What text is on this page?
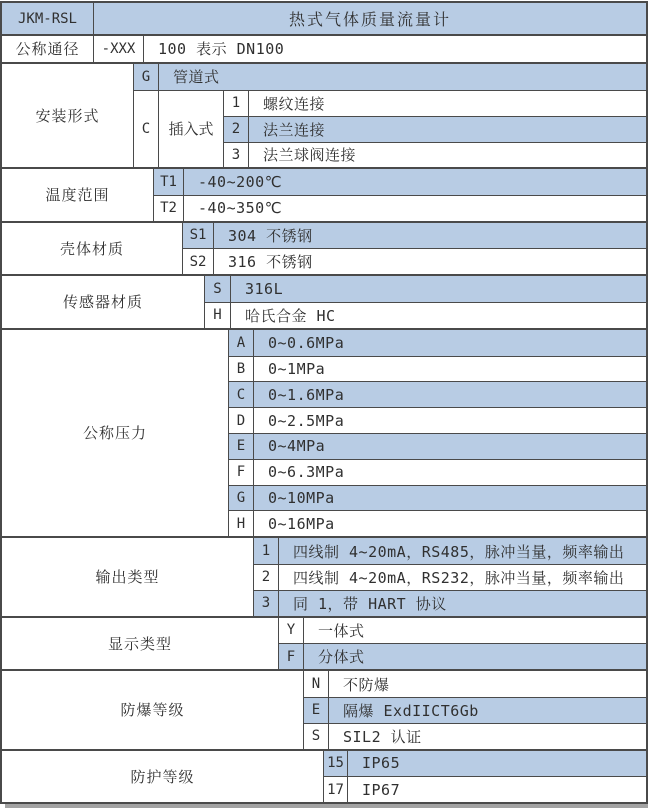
JKM-RSL	热式气体质量流量计
公称通径	-XXX	100 表示 DN100
安装形式
G	管道式
C	插入式
1	螺纹连接
2	法兰连接
3	法兰球阀连接
温度范围
T1	-40~200℃
T2	-40~350℃
壳体材质
S1	304 不锈钢
S2	316 不锈钢
传感器材质
S	316L
H	哈氏合金 HC
公称压力
A	0~0.6MPa
B	0~1MPa
C	0~1.6MPa
D	0~2.5MPa
E	0~4MPa
F	0~6.3MPa
G	0~10MPa
H	0~16MPa
输出类型
1	四线制 4~20mA，RS485，脉冲当量，频率输出
2	四线制 4~20mA，RS232，脉冲当量，频率输出
3	同 1，带 HART 协议
显示类型
Y	一体式
F	分体式
防爆等级
N	不防爆
E	隔爆 ExdIICT6Gb
S	SIL2 认证
防护等级
15	IP65
17	IP67
